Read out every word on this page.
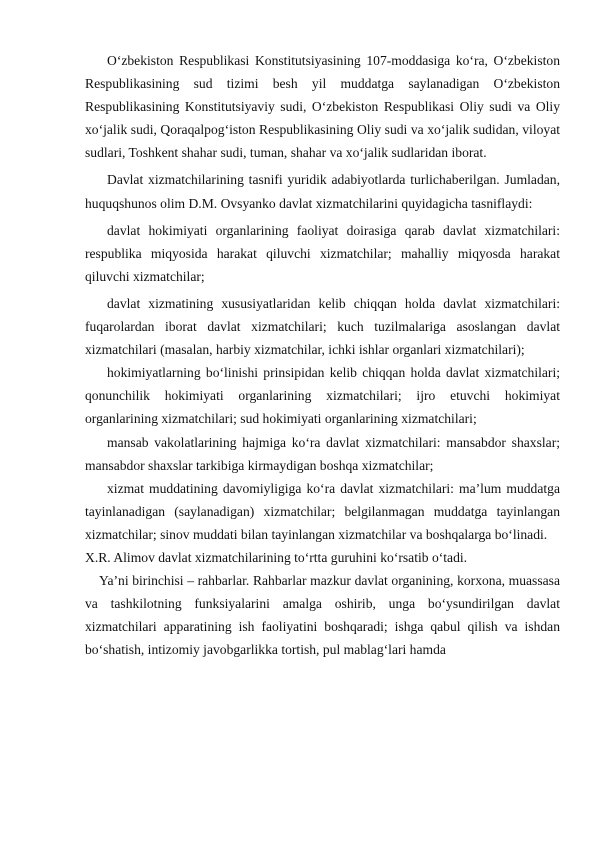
O‘zbekiston Respublikasi Konstitutsiyasining 107-moddasiga ko‘ra, O‘zbekiston Respublikasining sud tizimi besh yil muddatga saylanadigan O‘zbekiston Respublikasining Konstitutsiyaviy sudi, O‘zbekiston Respublikasi Oliy sudi va Oliy xo‘jalik sudi, Qoraqalpog‘iston Respublikasining Oliy sudi va xo‘jalik sudidan, viloyat sudlari, Toshkent shahar sudi, tuman, shahar va xo‘jalik sudlaridan iborat.

Davlat xizmatchilarining tasnifi yuridik adabiyotlarda turlichaberilgan. Jumladan, huquqshunos olim D.M. Ovsyanko davlat xizmatchilarini quyidagicha tasniflaydi:

davlat hokimiyati organlarining faoliyat doirasiga qarab davlat xizmatchilari: respublika miqyosida harakat qiluvchi xizmatchilar; mahalliy miqyosda harakat qiluvchi xizmatchilar;

davlat xizmatining xususiyatlaridan kelib chiqqan holda davlat xizmatchilari: fuqarolardan iborat davlat xizmatchilari; kuch tuzilmalariga asoslangan davlat xizmatchilari (masalan, harbiy xizmatchilar, ichki ishlar organlari xizmatchilari);

hokimiyatlarning bo‘linishi prinsipidan kelib chiqqan holda davlat xizmatchilari; qonunchilik hokimiyati organlarining xizmatchilari; ijro etuvchi hokimiyat organlarining xizmatchilari; sud hokimiyati organlarining xizmatchilari;

mansab vakolatlarining hajmiga ko‘ra davlat xizmatchilari: mansabdor shaxslar; mansabdor shaxslar tarkibiga kirmaydigan boshqa xizmatchilar;

xizmat muddatining davomiyligiga ko‘ra davlat xizmatchilari: ma’lum muddatga tayinlanadigan (saylanadigan) xizmatchilar; belgilanmagan muddatga tayinlangan xizmatchilar; sinov muddati bilan tayinlangan xizmatchilar va boshqalarga bo‘linadi.

X.R. Alimov davlat xizmatchilarining to‘rtta guruhini ko‘rsatib o‘tadi.

Ya’ni birinchisi – rahbarlar. Rahbarlar mazkur davlat organining, korxona, muassasa va tashkilotning funksiyalarini amalga oshirib, unga bo‘ysundirilgan davlat xizmatchilari apparatining ish faoliyatini boshqaradi; ishga qabul qilish va ishdan bo‘shatish, intizomiy javobgarlikka tortish, pul mablag‘lari hamda
